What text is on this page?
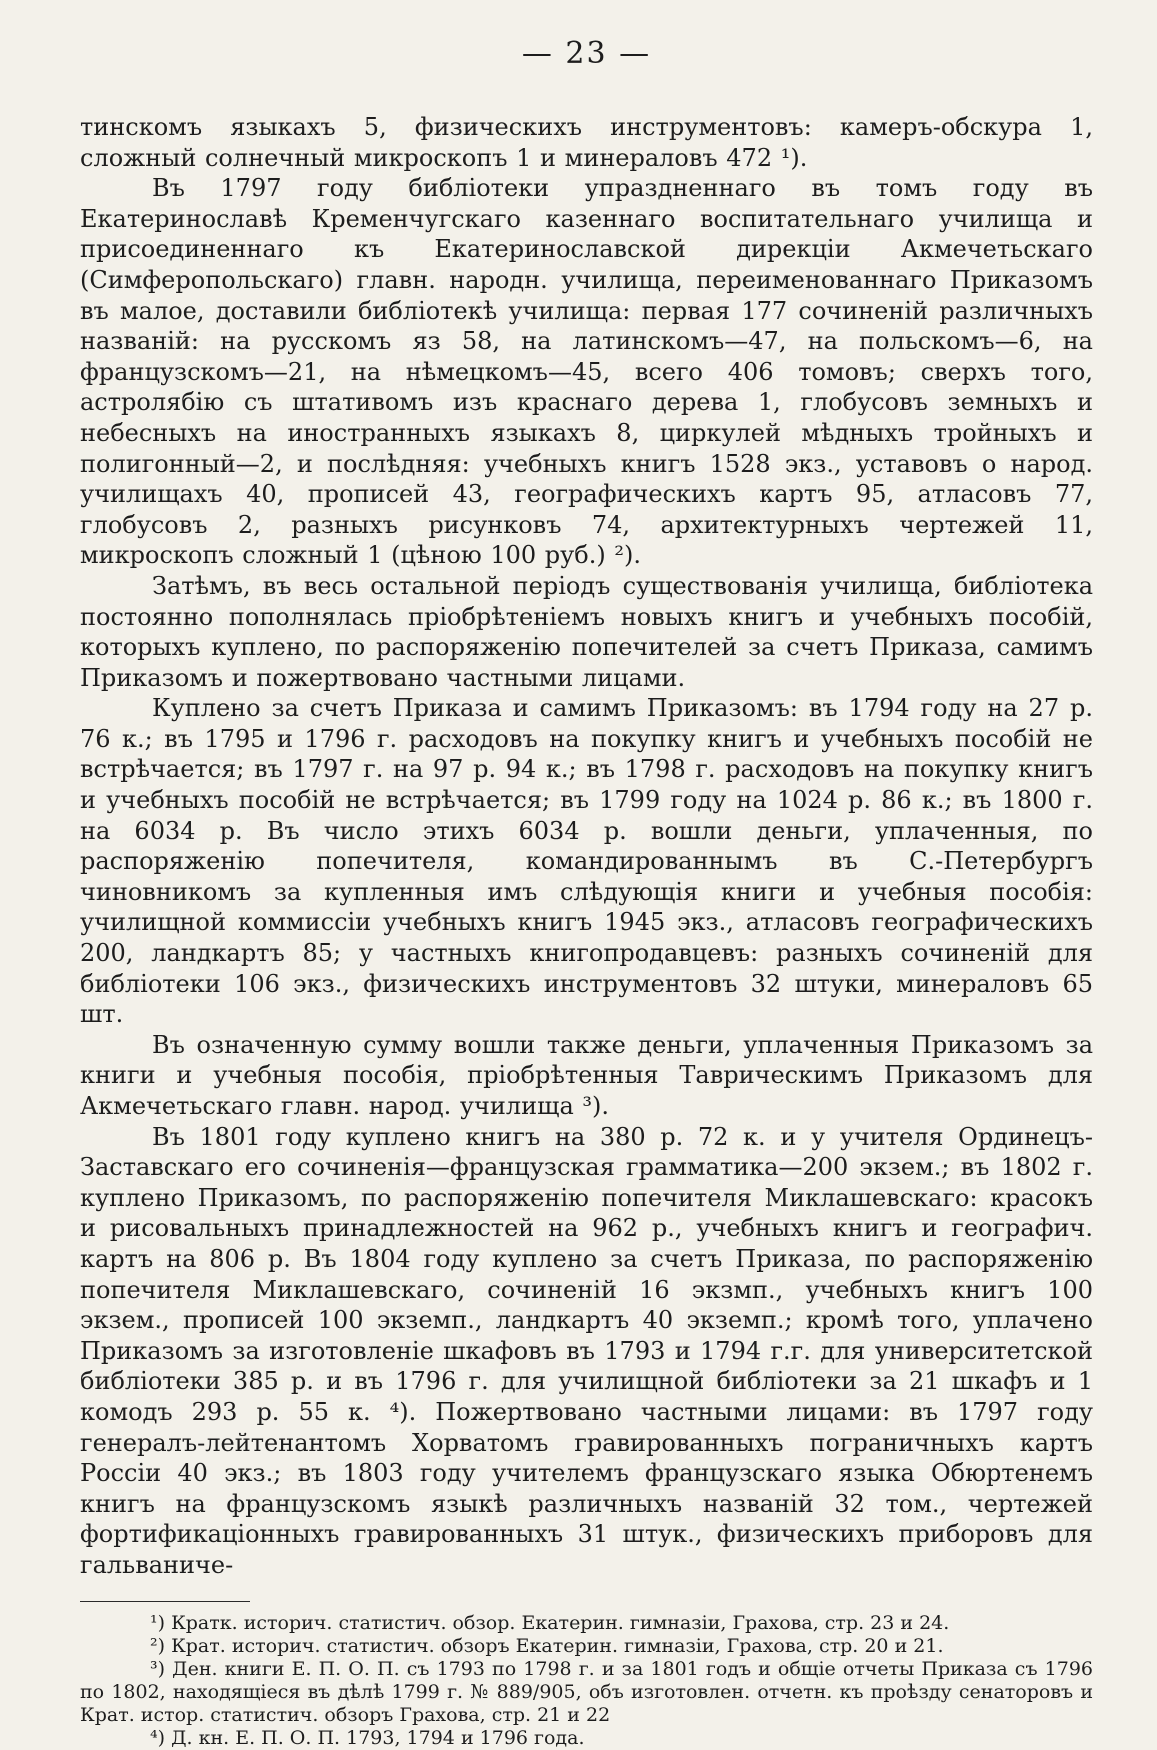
— 23 —

тинскомъ языкахъ 5, физическихъ инструментовъ: камеръ-обскура 1, сложный солнечный микроскопъ 1 и минераловъ 472 ¹).

Въ 1797 году библіотеки упраздненнаго въ томъ году въ Екатеринославѣ Кременчугскаго казеннаго воспитательнаго училища и присоединеннаго къ Екатеринославской дирекціи Акмечетьскаго (Симферопольскаго) главн. народн. училища, переименованнаго Приказомъ въ малое, доставили библіотекѣ училища: первая 177 сочиненій различныхъ названій: на русскомъ яз 58, на латинскомъ—47, на польскомъ—6, на французскомъ—21, на нѣмецкомъ—45, всего 406 томовъ; сверхъ того, астролябію съ штативомъ изъ краснаго дерева 1, глобусовъ земныхъ и небесныхъ на иностранныхъ языкахъ 8, циркулей мѣдныхъ тройныхъ и полигонный—2, и послѣдняя: учебныхъ книгъ 1528 экз., уставовъ о народ. училищахъ 40, прописей 43, географическихъ картъ 95, атласовъ 77, глобусовъ 2, разныхъ рисунковъ 74, архитектурныхъ чертежей 11, микроскопъ сложный 1 (цѣною 100 руб.) ²).

Затѣмъ, въ весь остальной періодъ существованія училища, библіотека постоянно пополнялась пріобрѣтеніемъ новыхъ книгъ и учебныхъ пособій, которыхъ куплено, по распоряженію попечителей за счетъ Приказа, самимъ Приказомъ и пожертвовано частными лицами.

Куплено за счетъ Приказа и самимъ Приказомъ: въ 1794 году на 27 р. 76 к.; въ 1795 и 1796 г. расходовъ на покупку книгъ и учебныхъ пособій не встрѣчается; въ 1797 г. на 97 р. 94 к.; въ 1798 г. расходовъ на покупку книгъ и учебныхъ пособій не встрѣчается; въ 1799 году на 1024 р. 86 к.; въ 1800 г. на 6034 р. Въ число этихъ 6034 р. вошли деньги, уплаченныя, по распоряженію попечителя, командированнымъ въ С.-Петербургъ чиновникомъ за купленныя имъ слѣдующія книги и учебныя пособія: училищной коммиссіи учебныхъ книгъ 1945 экз., атласовъ географическихъ 200, ландкартъ 85; у частныхъ книгопродавцевъ: разныхъ сочиненій для библіотеки 106 экз., физическихъ инструментовъ 32 штуки, минераловъ 65 шт.

Въ означенную сумму вошли также деньги, уплаченныя Приказомъ за книги и учебныя пособія, пріобрѣтенныя Таврическимъ Приказомъ для Акмечетьскаго главн. народ. училища ³).

Въ 1801 году куплено книгъ на 380 р. 72 к. и у учителя Ординецъ-Заставскаго его сочиненія—французская грамматика—200 экзем.; въ 1802 г. куплено Приказомъ, по распоряженію попечителя Миклашевскаго: красокъ и рисовальныхъ принадлежностей на 962 р., учебныхъ книгъ и географич. картъ на 806 р. Въ 1804 году куплено за счетъ Приказа, по распоряженію попечителя Миклашевскаго, сочиненій 16 экзмп., учебныхъ книгъ 100 экзем., прописей 100 экземп., ландкартъ 40 экземп.; кромѣ того, уплачено Приказомъ за изготовленіе шкафовъ въ 1793 и 1794 г.г. для университетской библіотеки 385 р. и въ 1796 г. для училищной библіотеки за 21 шкафъ и 1 комодъ 293 р. 55 к. ⁴). Пожертвовано частными лицами: въ 1797 году генералъ-лейтенантомъ Хорватомъ гравированныхъ пограничныхъ картъ Россіи 40 экз.; въ 1803 году учителемъ французскаго языка Обюртенемъ книгъ на французскомъ языкѣ различныхъ названій 32 том., чертежей фортификаціонныхъ гравированныхъ 31 штук., физическихъ приборовъ для гальваниче-

¹) Кратк. историч. статистич. обзор. Екатерин. гимназіи, Грахова, стр. 23 и 24.

²) Крат. историч. статистич. обзоръ Екатерин. гимназіи, Грахова, стр. 20 и 21.

³) Ден. книги Е. П. О. П. съ 1793 по 1798 г. и за 1801 годъ и общіе отчеты Приказа съ 1796 по 1802, находящіеся въ дѣлѣ 1799 г. № 889/905, объ изготовлен. отчетн. къ проѣзду сенаторовъ и Крат. истор. статистич. обзоръ Грахова, стр. 21 и 22

⁴) Д. кн. Е. П. О. П. 1793, 1794 и 1796 года.
